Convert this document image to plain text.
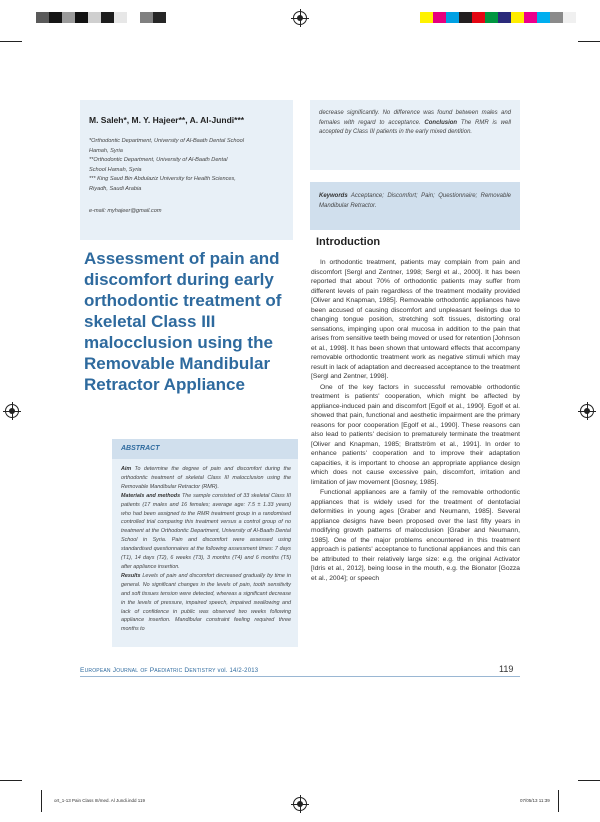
M. Saleh*, M. Y. Hajeer**, A. Al-Jundi***
*Orthodontic Department, University of Al-Baath Dental School
Hamah, Syria
**Orthodontic Department, University of Al-Baath Dental
School Hamah, Syria
*** King Saud Bin Abdulaziz University for Health Sciences,
Riyadh, Saudi Arabia
e-mail: myhajeer@gmail.com

decrease significantly. No difference was found between males and females with regard to acceptance. Conclusion The RMR is well accepted by Class III patients in the early mixed dentition.

Keywords Acceptance; Discomfort; Pain; Questionnaire; Removable Mandibular Retractor.

Assessment of pain and discomfort during early orthodontic treatment of skeletal Class III malocclusion using the Removable Mandibular Retractor Appliance
ABSTRACT

Aim To determine the degree of pain and discomfort during the orthodontic treatment of skeletal Class III malocclusion using the Removable Mandibular Retractor (RMR).

Materials and methods The sample consisted of 33 skeletal Class III patients (17 males and 16 females; average age: 7.5 ± 1.33 years) who had been assigned to the RMR treatment group in a randomised controlled trial comparing this treatment versus a control group of no treatment at the Orthodontic Department, University of Al-Baath Dental School in Syria. Pain and discomfort were assessed using standardised questionnaires at the following assessment times: 7 days (T1), 14 days (T2), 6 weeks (T3), 3 months (T4) and 6 months (T5) after appliance insertion.

Results Levels of pain and discomfort decreased gradually by time in general. No significant changes in the levels of pain, tooth sensitivity and soft tissues tension were detected, whereas a significant decrease in the levels of pressure, impaired speech, impaired swallowing and lack of confidence in public was observed two weeks following appliance insertion. Mandibular constraint feeling required three months to

Introduction

In orthodontic treatment, patients may complain from pain and discomfort [Sergl and Zentner, 1998; Sergl et al., 2000]. It has been reported that about 70% of orthodontic patients may suffer from different levels of pain regardless of the treatment modality provided [Oliver and Knapman, 1985]. Removable orthodontic appliances have been accused of causing discomfort and unpleasant feelings due to changing tongue position, stretching soft tissues, distorting oral sensations, impinging upon oral mucosa in addition to the pain that arises from sensitive teeth being moved or used for retention [Johnson et al., 1998]. It has been shown that untoward effects that accompany removable orthodontic treatment work as negative stimuli which may result in lack of adaptation and decreased acceptance to the treatment [Sergl and Zentner, 1998].

One of the key factors in successful removable orthodontic treatment is patients' cooperation, which might be affected by appliance-induced pain and discomfort [Egolf et al., 1990]. Egolf et al. showed that pain, functional and aesthetic impairment are the primary reasons for poor cooperation [Egolf et al., 1990]. These reasons can also lead to patients' decision to prematurely terminate the treatment [Oliver and Knapman, 1985; Brattström et al., 1991]. In order to enhance patients' cooperation and to improve their adaptation capacities, it is important to choose an appropriate appliance design which does not cause excessive pain, discomfort, irritation and limitation of jaw movement [Gosney, 1985].

Functional appliances are a family of the removable orthodontic appliances that is widely used for the treatment of dentofacial deformities in young ages [Graber and Neumann, 1985]. Several appliance designs have been proposed over the last fifty years in modifying growth patterns of malocclusion [Graber and Neumann, 1985]. One of the major problems encountered in this treatment approach is patients' acceptance to functional appliances and this can be attributed to their relatively large size: e.g. the original Activator [Idris et al., 2012], being loose in the mouth, e.g. the Bionator [Gozza et al., 2004]; or speech

European Journal of Paediatric Dentistry vol. 14/2-2013	119
ort_1-13 Pain Class III/med. Al Jundi.indd 119	07/05/13 11:39
